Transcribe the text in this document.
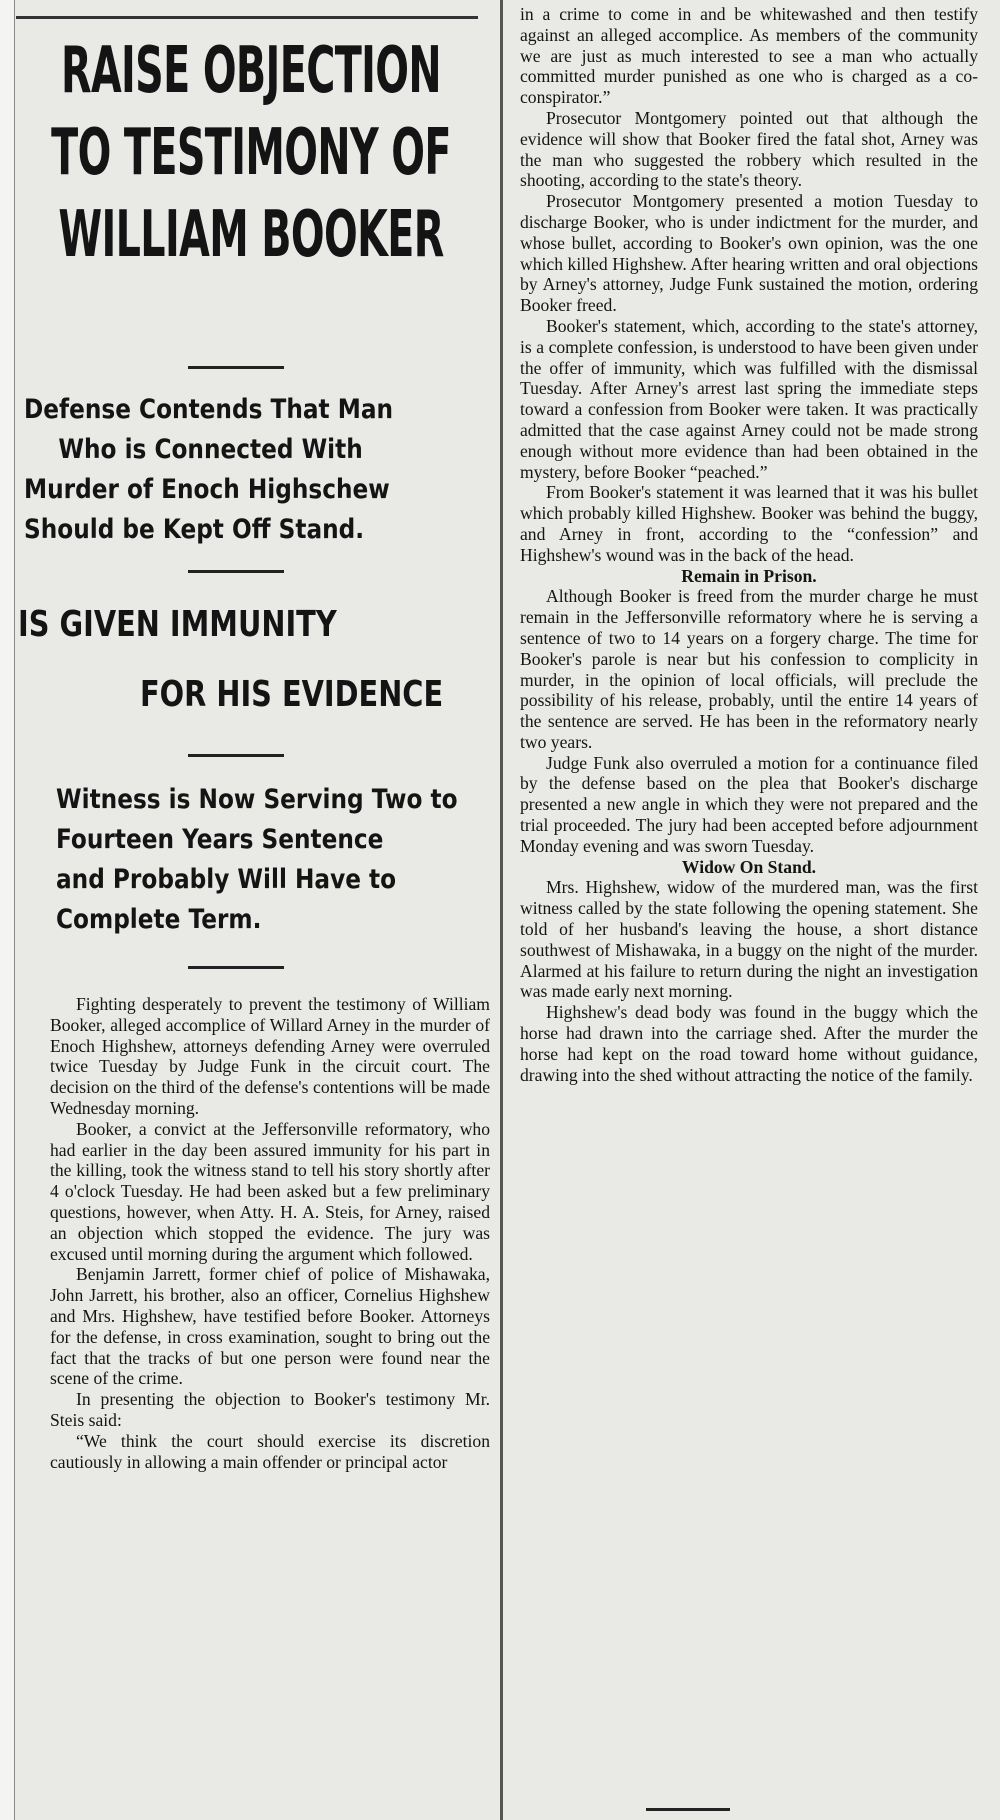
RAISE OBJECTION
TO TESTIMONY OF
WILLIAM BOOKER
Defense Contends That Man
Who is Connected With
Murder of Enoch Highschew
Should be Kept Off Stand.
IS GIVEN IMMUNITY
FOR HIS EVIDENCE
Witness is Now Serving Two to
Fourteen Years Sentence
and Probably Will Have to
Complete Term.

Fighting desperately to prevent the testimony of William Booker, alleged accomplice of Willard Arney in the murder of Enoch Highshew, attorneys defending Arney were overruled twice Tuesday by Judge Funk in the circuit court. The decision on the third of the defense's contentions will be made Wednesday morning.

Booker, a convict at the Jeffersonville reformatory, who had earlier in the day been assured immunity for his part in the killing, took the witness stand to tell his story shortly after 4 o'clock Tuesday. He had been asked but a few preliminary questions, however, when Atty. H. A. Steis, for Arney, raised an objection which stopped the evidence. The jury was excused until morning during the argument which followed.

Benjamin Jarrett, former chief of police of Mishawaka, John Jarrett, his brother, also an officer, Cornelius Highshew and Mrs. Highshew, have testified before Booker. Attorneys for the defense, in cross examination, sought to bring out the fact that the tracks of but one person were found near the scene of the crime.

In presenting the objection to Booker's testimony Mr. Steis said:

“We think the court should exercise its discretion cautiously in allowing a main offender or principal actor

in a crime to come in and be whitewashed and then testify against an alleged accomplice. As members of the community we are just as much interested to see a man who actually committed murder punished as one who is charged as a co-conspirator.”

Prosecutor Montgomery pointed out that although the evidence will show that Booker fired the fatal shot, Arney was the man who suggested the robbery which resulted in the shooting, according to the state's theory.

Prosecutor Montgomery presented a motion Tuesday to discharge Booker, who is under indictment for the murder, and whose bullet, according to Booker's own opinion, was the one which killed Highshew. After hearing written and oral objections by Arney's attorney, Judge Funk sustained the motion, ordering Booker freed.

Booker's statement, which, according to the state's attorney, is a complete confession, is understood to have been given under the offer of immunity, which was fulfilled with the dismissal Tuesday. After Arney's arrest last spring the immediate steps toward a confession from Booker were taken. It was practically admitted that the case against Arney could not be made strong enough without more evidence than had been obtained in the mystery, before Booker “peached.”

From Booker's statement it was learned that it was his bullet which probably killed Highshew. Booker was behind the buggy, and Arney in front, according to the “confession” and Highshew's wound was in the back of the head.

Remain in Prison.

Although Booker is freed from the murder charge he must remain in the Jeffersonville reformatory where he is serving a sentence of two to 14 years on a forgery charge. The time for Booker's parole is near but his confession to complicity in murder, in the opinion of local officials, will preclude the possibility of his release, probably, until the entire 14 years of the sentence are served. He has been in the reformatory nearly two years.

Judge Funk also overruled a motion for a continuance filed by the defense based on the plea that Booker's discharge presented a new angle in which they were not prepared and the trial proceeded. The jury had been accepted before adjournment Monday evening and was sworn Tuesday.

Widow On Stand.

Mrs. Highshew, widow of the murdered man, was the first witness called by the state following the opening statement. She told of her husband's leaving the house, a short distance southwest of Mishawaka, in a buggy on the night of the murder. Alarmed at his failure to return during the night an investigation was made early next morning.

Highshew's dead body was found in the buggy which the horse had drawn into the carriage shed. After the murder the horse had kept on the road toward home without guidance, drawing into the shed without attracting the notice of the family.
